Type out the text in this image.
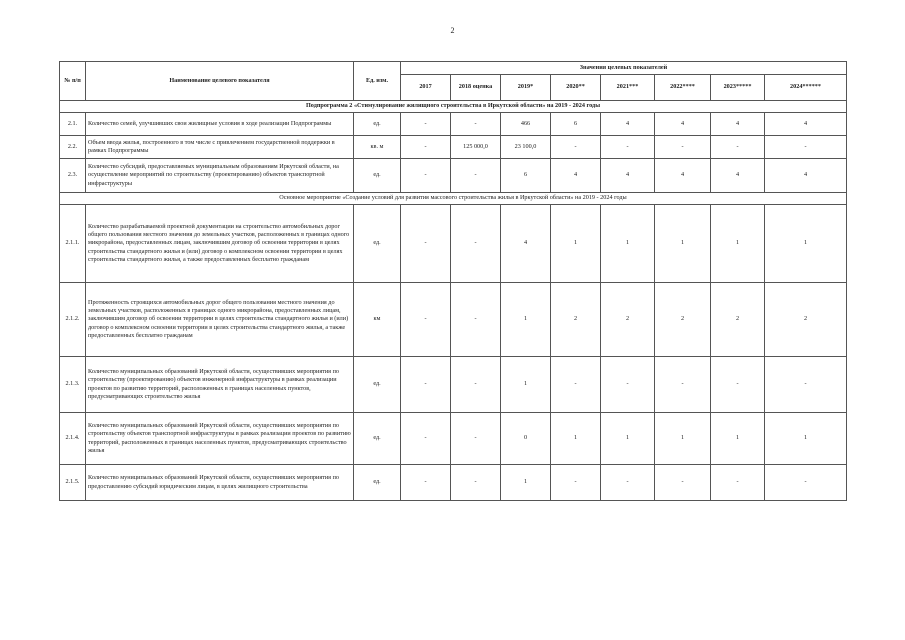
2
№ п/п	Наименование целевого показателя	Ед. изм.	Значения целевых показателей							
			2017	2018 оценка	2019*	2020**	2021***	2022****	2023*****	2024******
Подпрограмма 2 «Стимулирование жилищного строительства в Иркутской области» на 2019 - 2024 годы										
2.1.	Количество семей, улучшивших свои жилищные условия в ходе реализации Подпрограммы	ед.	-	-	466	6	4	4	4	4
2.2.	Объем ввода жилья, построенного в том числе с привлечением государственной поддержки в рамках Подпрограммы	кв. м	-	125 000,0	23 100,0	-	-	-	-	-
2.3.	Количество субсидий, предоставляемых муниципальным образованиям Иркутской области, на осуществление мероприятий по строительству (проектированию) объектов транспортной инфраструктуры	ед.	-	-	6	4	4	4	4	4
Основное мероприятие «Создание условий для развития массового строительства жилья в Иркутской области» на 2019 - 2024 годы										
2.1.1.	Количество разрабатываемой проектной документации на строительство автомобильных дорог общего пользования местного значения до земельных участков, расположенных в границах одного микрорайона, предоставленных лицам, заключившим договор об освоении территории в целях строительства стандартного жилья и (или) договор о комплексном освоении территории в целях строительства стандартного жилья, а также предоставленных бесплатно гражданам	ед.	-	-	4	1	1	1	1	1
2.1.2.	Протяженность строящихся автомобильных дорог общего пользования местного значения до земельных участков, расположенных в границах одного микрорайона, предоставленных лицам, заключившим договор об освоении территории в целях строительства стандартного жилья и (или) договор о комплексном освоении территории в целях строительства стандартного жилья, а также предоставленных бесплатно гражданам	км	-	-	1	2	2	2	2	2
2.1.3.	Количество муниципальных образований Иркутской области, осуществивших мероприятия по строительству (проектированию) объектов инженерной инфраструктуры в рамках реализации проектов по развитию территорий, расположенных в границах населенных пунктов, предусматривающих строительство жилья	ед.	-	-	1	-	-	-	-	-
2.1.4.	Количество муниципальных образований Иркутской области, осуществивших мероприятия по строительству объектов транспортной инфраструктуры в рамках реализации проектов по развитию территорий, расположенных в границах населенных пунктов, предусматривающих строительство жилья	ед.	-	-	0	1	1	1	1	1
2.1.5.	Количество муниципальных образований Иркутской области, осуществивших мероприятия по предоставлению субсидий юридическим лицам, в целях жилищного строительства	ед.	-	-	1	-	-	-	-	-
